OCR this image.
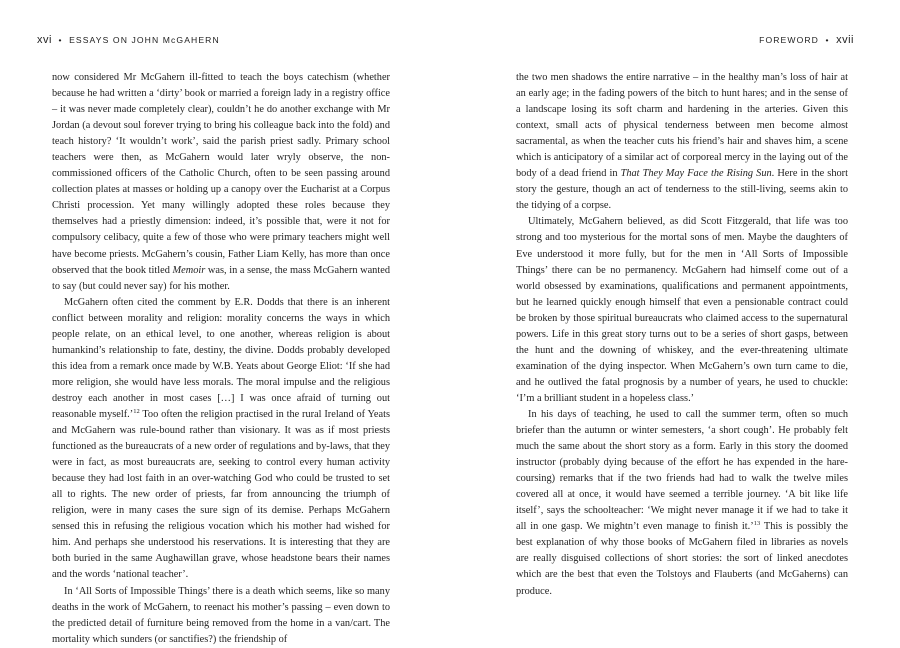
xvi • ESSAYS ON JOHN McGAHERN

now considered Mr McGahern ill-fitted to teach the boys catechism (whether because he had written a ‘dirty’ book or married a foreign lady in a registry office – it was never made completely clear), couldn’t he do another exchange with Mr Jordan (a devout soul forever trying to bring his colleague back into the fold) and teach history? ‘It wouldn’t work’, said the parish priest sadly. Primary school teachers were then, as McGahern would later wryly observe, the non-commissioned officers of the Catholic Church, often to be seen passing around collection plates at masses or holding up a canopy over the Eucharist at a Corpus Christi procession. Yet many willingly adopted these roles because they themselves had a priestly dimension: indeed, it’s possible that, were it not for compulsory celibacy, quite a few of those who were primary teachers might well have become priests. McGahern’s cousin, Father Liam Kelly, has more than once observed that the book titled Memoir was, in a sense, the mass McGahern wanted to say (but could never say) for his mother.

McGahern often cited the comment by E.R. Dodds that there is an inherent conflict between morality and religion: morality concerns the ways in which people relate, on an ethical level, to one another, whereas religion is about humankind’s relationship to fate, destiny, the divine. Dodds probably developed this idea from a remark once made by W.B. Yeats about George Eliot: ‘If she had more religion, she would have less morals. The moral impulse and the religious destroy each another in most cases […] I was once afraid of turning out reasonable myself.’$^{12}$ Too often the religion practised in the rural Ireland of Yeats and McGahern was rule-bound rather than visionary. It was as if most priests functioned as the bureaucrats of a new order of regulations and by-laws, that they were in fact, as most bureaucrats are, seeking to control every human activity because they had lost faith in an over-watching God who could be trusted to set all to rights. The new order of priests, far from announcing the triumph of religion, were in many cases the sure sign of its demise. Perhaps McGahern sensed this in refusing the religious vocation which his mother had wished for him. And perhaps she understood his reservations. It is interesting that they are both buried in the same Aughawillan grave, whose headstone bears their names and the words ‘national teacher’.

In ‘All Sorts of Impossible Things’ there is a death which seems, like so many deaths in the work of McGahern, to reenact his mother’s passing – even down to the predicted detail of furniture being removed from the home in a van/cart. The mortality which sunders (or sanctifies?) the friendship of

FOREWORD • xvii

the two men shadows the entire narrative – in the healthy man’s loss of hair at an early age; in the fading powers of the bitch to hunt hares; and in the sense of a landscape losing its soft charm and hardening in the arteries. Given this context, small acts of physical tenderness between men become almost sacramental, as when the teacher cuts his friend’s hair and shaves him, a scene which is anticipatory of a similar act of corporeal mercy in the laying out of the body of a dead friend in That They May Face the Rising Sun. Here in the short story the gesture, though an act of tenderness to the still-living, seems akin to the tidying of a corpse.

Ultimately, McGahern believed, as did Scott Fitzgerald, that life was too strong and too mysterious for the mortal sons of men. Maybe the daughters of Eve understood it more fully, but for the men in ‘All Sorts of Impossible Things’ there can be no permanency. McGahern had himself come out of a world obsessed by examinations, qualifications and permanent appointments, but he learned quickly enough himself that even a pensionable contract could be broken by those spiritual bureaucrats who claimed access to the supernatural powers. Life in this great story turns out to be a series of short gasps, between the hunt and the downing of whiskey, and the ever-threatening ultimate examination of the dying inspector. When McGahern’s own turn came to die, and he outlived the fatal prognosis by a number of years, he used to chuckle: ‘I’m a brilliant student in a hopeless class.’

In his days of teaching, he used to call the summer term, often so much briefer than the autumn or winter semesters, ‘a short cough’. He probably felt much the same about the short story as a form. Early in this story the doomed instructor (probably dying because of the effort he has expended in the hare-coursing) remarks that if the two friends had had to walk the twelve miles covered all at once, it would have seemed a terrible journey. ‘A bit like life itself’, says the schoolteacher: ‘We might never manage it if we had to take it all in one gasp. We mightn’t even manage to finish it.’$^{13}$ This is possibly the best explanation of why those books of McGahern filed in libraries as novels are really disguised collections of short stories: the sort of linked anecdotes which are the best that even the Tolstoys and Flauberts (and McGaherns) can produce.
